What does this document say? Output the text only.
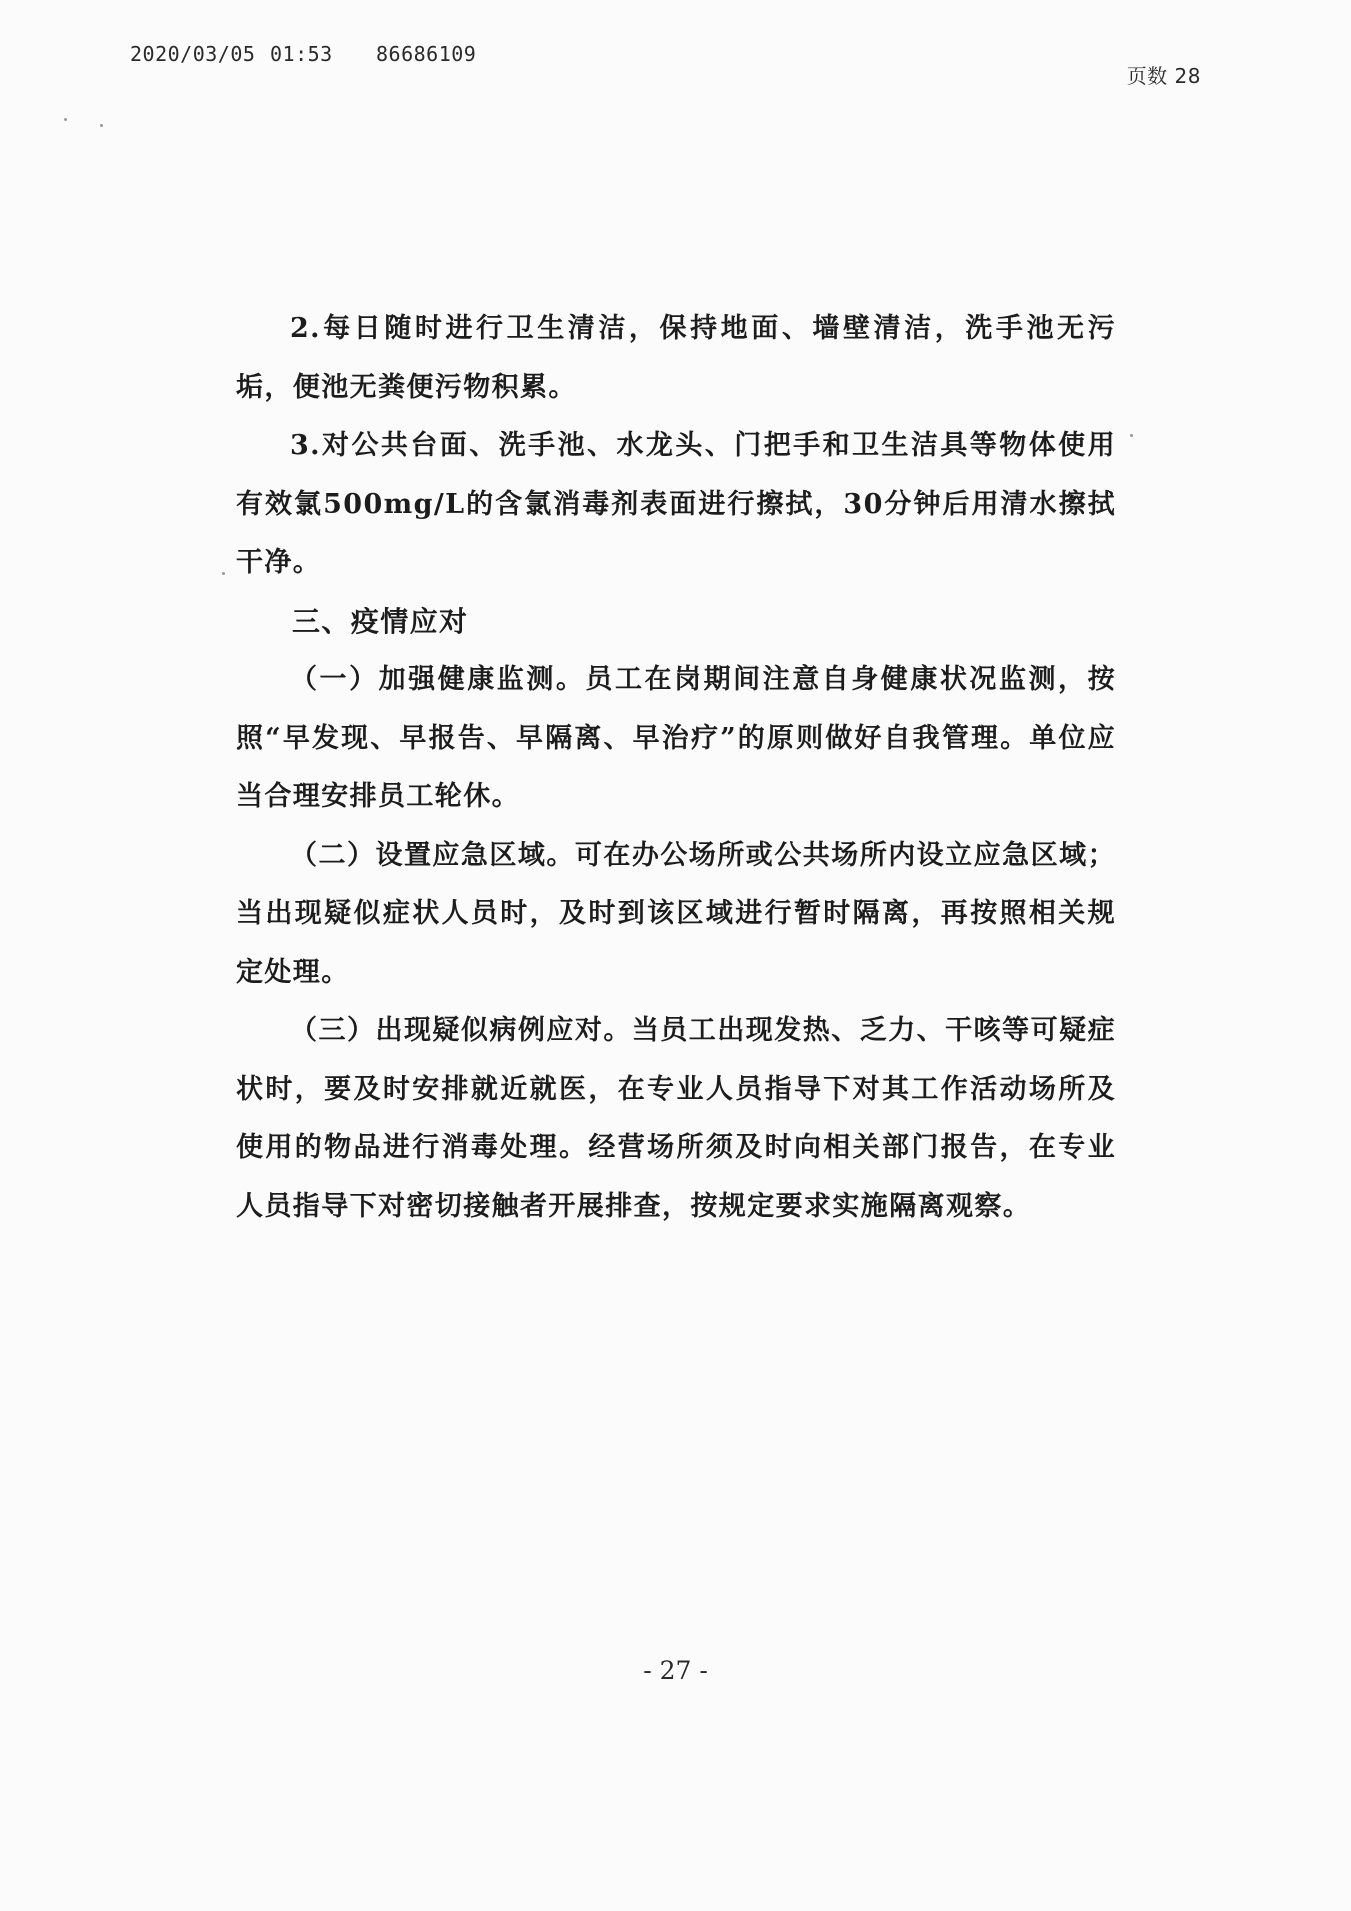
2020/03/05 01:53 86686109
页数 28

2.每日随时进行卫生清洁，保持地面、墙壁清洁，洗手池无污垢，便池无粪便污物积累。

3.对公共台面、洗手池、水龙头、门把手和卫生洁具等物体使用有效氯500mg/L的含氯消毒剂表面进行擦拭，30分钟后用清水擦拭干净。

三、疫情应对

（一）加强健康监测。员工在岗期间注意自身健康状况监测，按照“早发现、早报告、早隔离、早治疗”的原则做好自我管理。单位应当合理安排员工轮休。

（二）设置应急区域。可在办公场所或公共场所内设立应急区域；当出现疑似症状人员时，及时到该区域进行暂时隔离，再按照相关规定处理。

（三）出现疑似病例应对。当员工出现发热、乏力、干咳等可疑症状时，要及时安排就近就医，在专业人员指导下对其工作活动场所及使用的物品进行消毒处理。经营场所须及时向相关部门报告，在专业人员指导下对密切接触者开展排查，按规定要求实施隔离观察。

- 27 -
